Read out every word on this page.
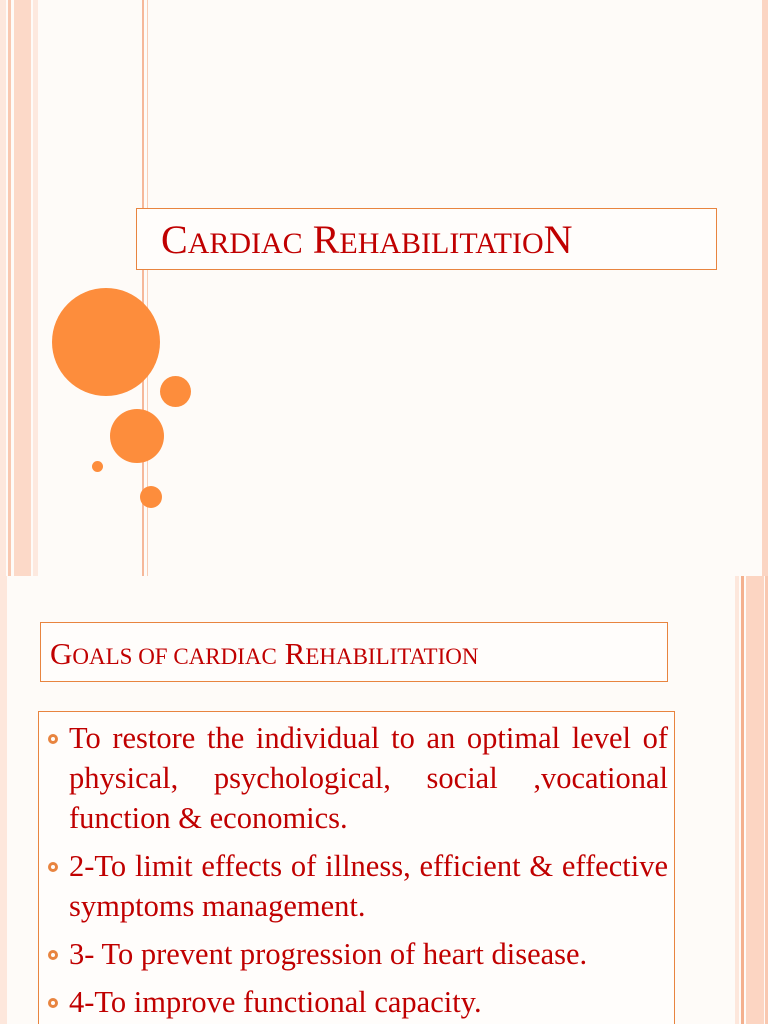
CARDIAC REHABILITATION
GOALS OF CARDIAC REHABILITATION
To restore the individual to an optimal level of physical, psychological, social ,vocational function & economics.
2-To limit effects of illness, efficient & effective symptoms management.
3- To prevent progression of heart disease.
4-To improve functional capacity.
